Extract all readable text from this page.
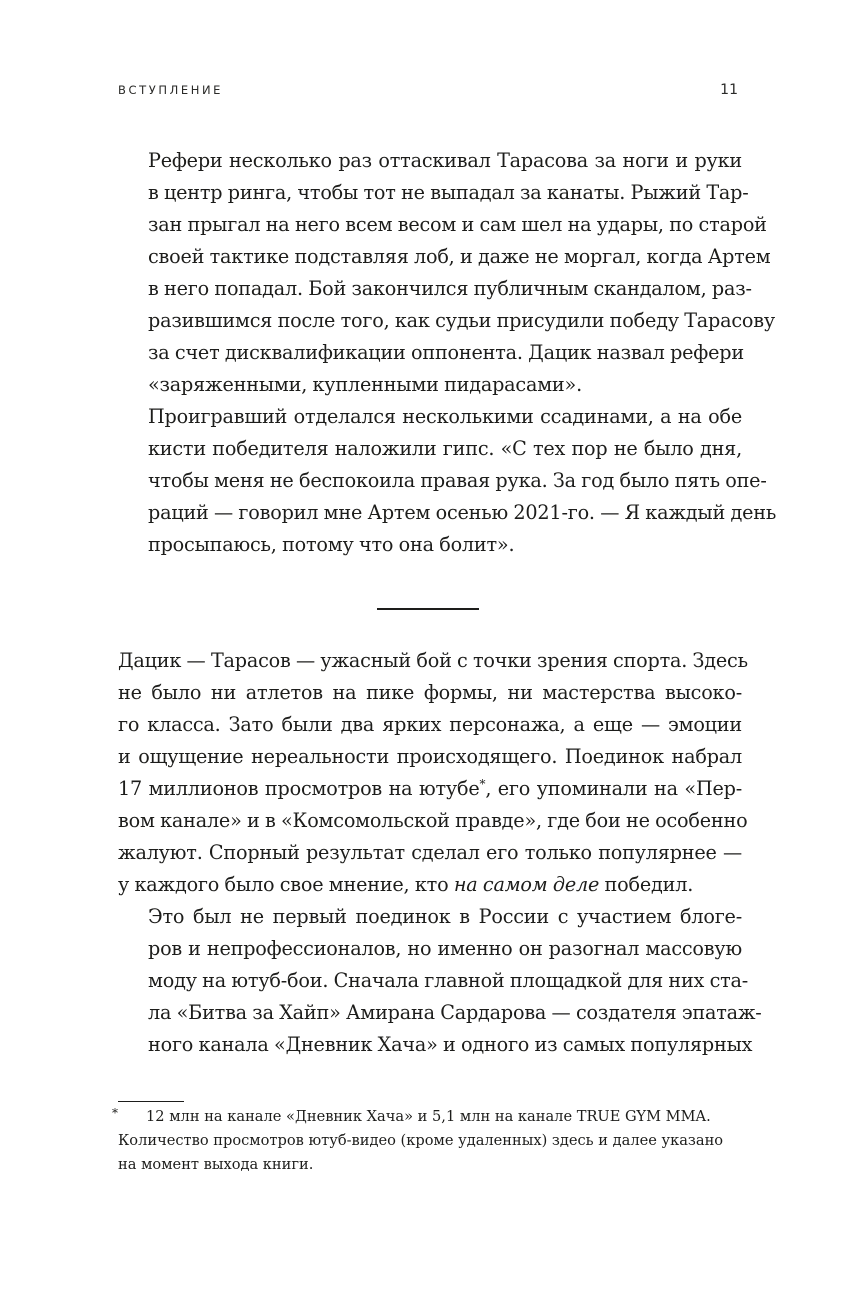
ВСТУПЛЕНИЕ	11

Рефери несколько раз оттаскивал Тарасова за ноги и руки
в центр ринга, чтобы тот не выпадал за канаты. Рыжий Тар-
зан прыгал на него всем весом и сам шел на удары, по старой
своей тактике подставляя лоб, и даже не моргал, когда Артем
в него попадал. Бой закончился публичным скандалом, раз-
разившимся после того, как судьи присудили победу Тарасову
за счет дисквалификации оппонента. Дацик назвал рефери
«заряженными, купленными пидарасами».

Проигравший отделался несколькими ссадинами, а на обе
кисти победителя наложили гипс. «С тех пор не было дня,
чтобы меня не беспокоила правая рука. За год было пять опе-
раций — говорил мне Артем осенью 2021-го. — Я каждый день
просыпаюсь, потому что она болит».

Дацик — Тарасов — ужасный бой с точки зрения спорта. Здесь
не было ни атлетов на пике формы, ни мастерства высоко-
го класса. Зато были два ярких персонажа, а еще — эмоции
и ощущение нереальности происходящего. Поединок набрал
17 миллионов просмотров на ютубе*, его упоминали на «Пер-
вом канале» и в «Комсомольской правде», где бои не особенно
жалуют. Спорный результат сделал его только популярнее —
у каждого было свое мнение, кто на самом деле победил.

Это был не первый поединок в России с участием блоге-
ров и непрофессионалов, но именно он разогнал массовую
моду на ютуб-бои. Сначала главной площадкой для них ста-
ла «Битва за Хайп» Амирана Сардарова — создателя эпатаж-
ного канала «Дневник Хача» и одного из самых популярных

*	12 млн на канале «Дневник Хача» и 5,1 млн на канале TRUE GYM MMA.
Количество просмотров ютуб-видео (кроме удаленных) здесь и далее указано
на момент выхода книги.
